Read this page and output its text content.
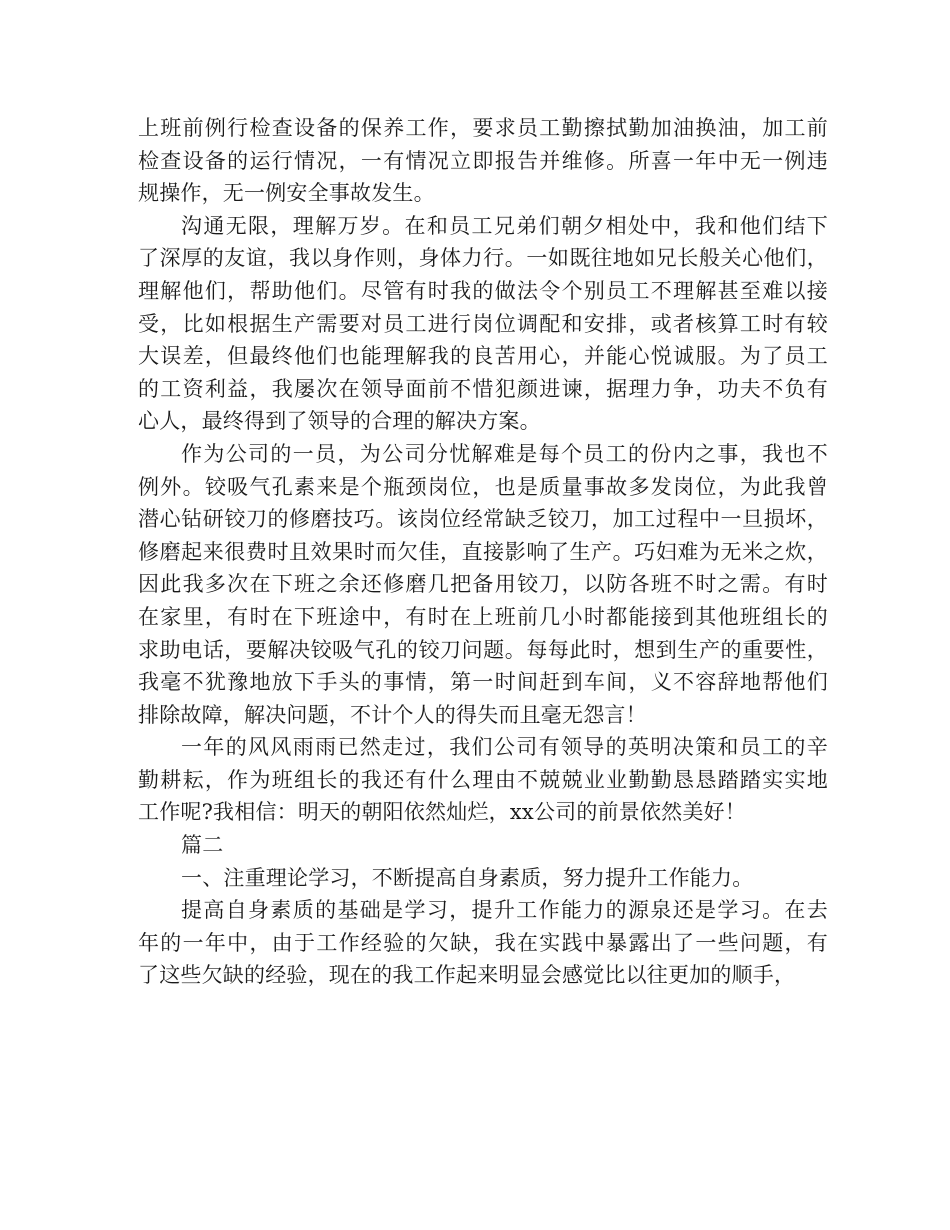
上班前例行检查设备的保养工作，要求员工勤擦拭勤加油换油，加工前
检查设备的运行情况，一有情况立即报告并维修。所喜一年中无一例违
规操作，无一例安全事故发生。
沟通无限，理解万岁。在和员工兄弟们朝夕相处中，我和他们结下
了深厚的友谊，我以身作则，身体力行。一如既往地如兄长般关心他们，
理解他们，帮助他们。尽管有时我的做法令个别员工不理解甚至难以接
受，比如根据生产需要对员工进行岗位调配和安排，或者核算工时有较
大误差，但最终他们也能理解我的良苦用心，并能心悦诚服。为了员工
的工资利益，我屡次在领导面前不惜犯颜进谏，据理力争，功夫不负有
心人，最终得到了领导的合理的解决方案。
作为公司的一员，为公司分忧解难是每个员工的份内之事，我也不
例外。铰吸气孔素来是个瓶颈岗位，也是质量事故多发岗位，为此我曾
潜心钻研铰刀的修磨技巧。该岗位经常缺乏铰刀，加工过程中一旦损坏，
修磨起来很费时且效果时而欠佳，直接影响了生产。巧妇难为无米之炊，
因此我多次在下班之余还修磨几把备用铰刀，以防各班不时之需。有时
在家里，有时在下班途中，有时在上班前几小时都能接到其他班组长的
求助电话，要解决铰吸气孔的铰刀问题。每每此时，想到生产的重要性，
我毫不犹豫地放下手头的事情，第一时间赶到车间，义不容辞地帮他们
排除故障，解决问题，不计个人的得失而且毫无怨言！
一年的风风雨雨已然走过，我们公司有领导的英明决策和员工的辛
勤耕耘，作为班组长的我还有什么理由不兢兢业业勤勤恳恳踏踏实实地
工作呢?我相信：明天的朝阳依然灿烂，xx公司的前景依然美好！
篇二
一、注重理论学习，不断提高自身素质，努力提升工作能力。
提高自身素质的基础是学习，提升工作能力的源泉还是学习。在去
年的一年中，由于工作经验的欠缺，我在实践中暴露出了一些问题，有
了这些欠缺的经验，现在的我工作起来明显会感觉比以往更加的顺手，
